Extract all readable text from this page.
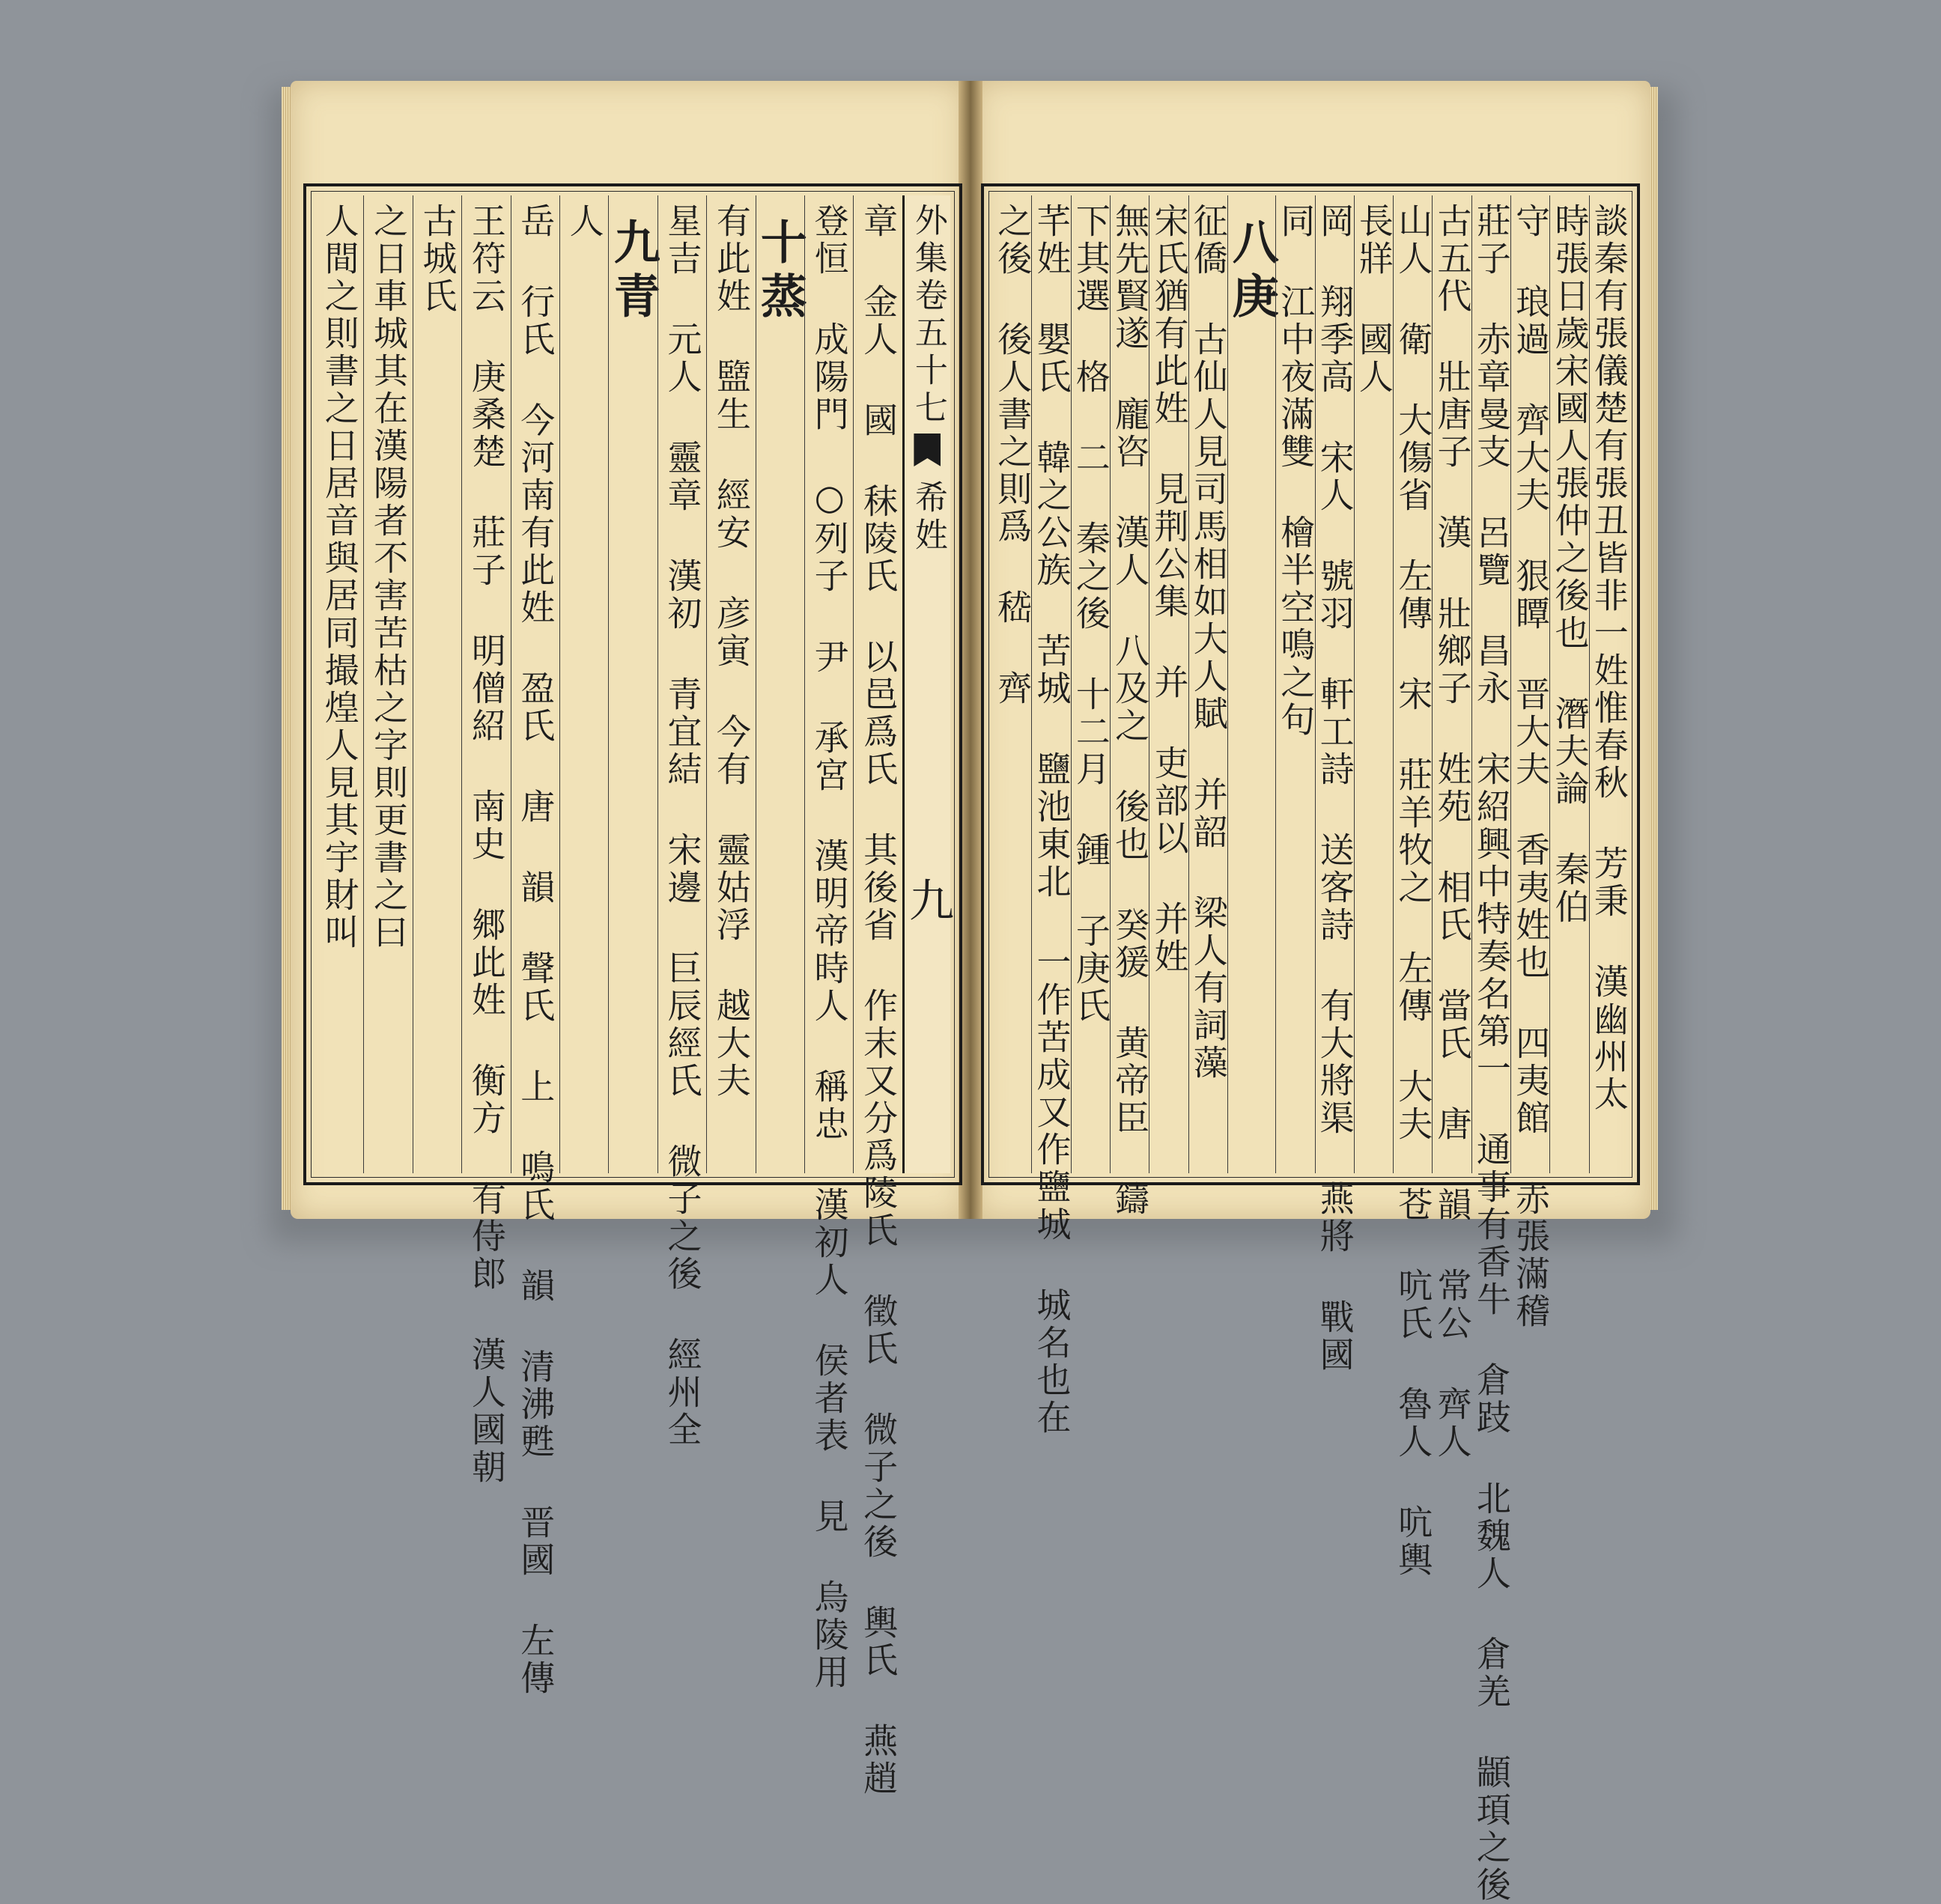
外集卷五十七
希姓
九
章 金人 國 秣陵氏 以邑爲氏 其後省 作末又分爲陵氏 徵氏 微子之後 輿氏 燕趙
登恒 成陽門 ○列子 尹 承宮 漢明帝時人 稱忠 漢初人 侯者表 見 烏陵用
十蒸
有此姓 盬生 經安 彦寅 今有 靈姑浮 越大夫
星吉 元人 靈章 漢初 青宜結 宋邊 巨辰經氏 微子之後 經州全
九青
人
岳 行氏 今河南有此姓 盈氏 唐 韻 聲氏 上 鳴氏 韻 清沸甦 晋國 左傳
王符云 庚桑楚 莊子 明僧紹 南史 郷此姓 衡方 有侍郎 漢人國朝
古城氏
之日車城其在漢陽者不害苦枯之字則更書之曰
人間之則書之日居音與居同撮煌人見其宇財叫	談秦有張儀楚有張丑皆非一姓惟春秋 芳秉 漢幽州太
時張日歲宋國人張仲之後也 潛夫論 秦伯
守 琅過 齊大夫 狠瞫 晋大夫 香夷姓也 四夷館 赤張滿稽
莊子 赤章曼支 呂覽 昌永 宋紹興中特奏名第一 通事有香牛 倉跂 北魏人 倉羌 顓頊之後
古五代 壯唐子 漢 壯鄉子 姓苑 相氏 當氏 唐 韻 常公 齊人
山人 衛 大傷省 左傳 宋 莊羊牧之 左傳 大夫 苍 吭氏 魯人 吭輿
長牂 國人
岡 翔季高 宋人 號羽 軒工詩 送客詩 有大將渠 燕將 戰國
同 江中夜滿雙 檜半空鳴之句
八庚
征僑 古仙人見司馬相如大人賦 并韶 梁人有詞藻
宋氏猶有此姓 見荆公集 并 吏部以 并姓
無先賢遂 龐咨 漢人 八及之 後也 癸猨 黄帝臣 鑄
下其選 格 二 秦之後 十二月 鍾 子庚氏
芊姓 嬰氏 韓之公族 苦城 鹽池東北 一作苦成又作鹽城 城名也在
之後 後人書之則爲 嵇 齊
